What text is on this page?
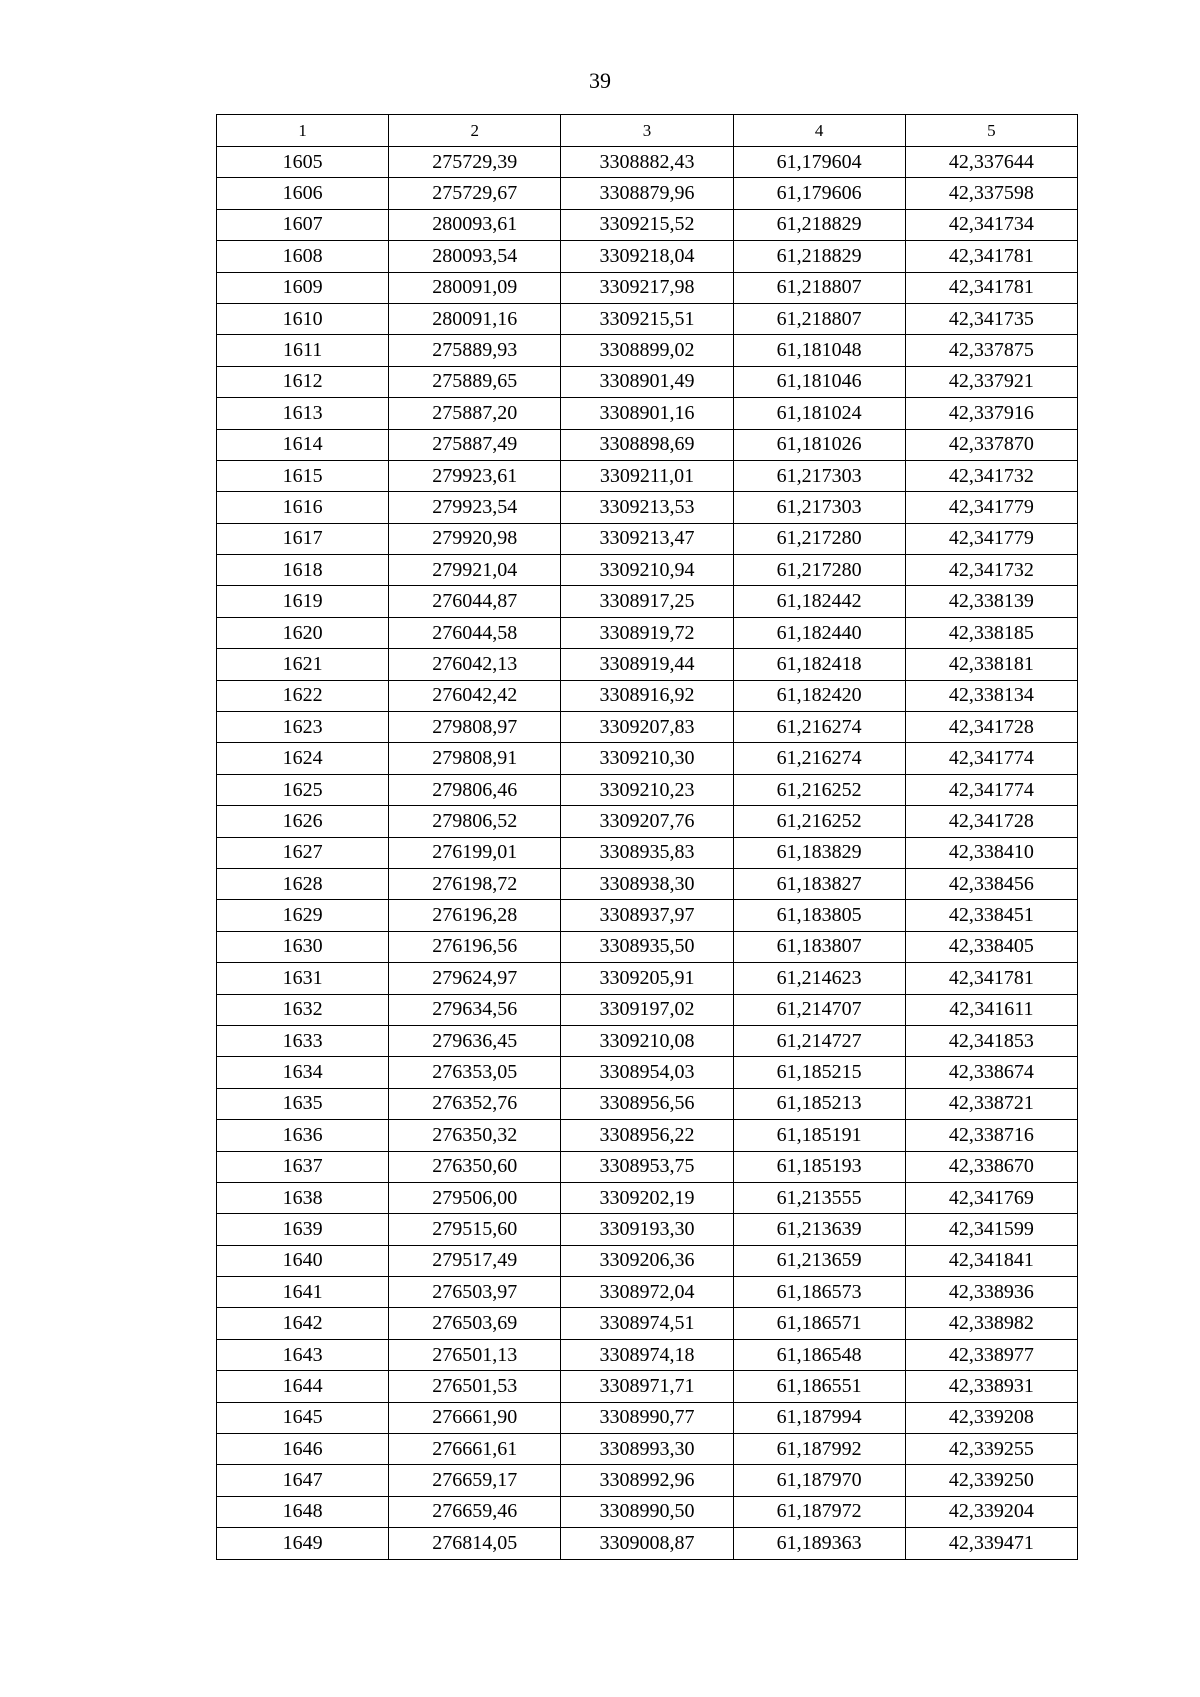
39
1	2	3	4	5
1605	275729,39	3308882,43	61,179604	42,337644
1606	275729,67	3308879,96	61,179606	42,337598
1607	280093,61	3309215,52	61,218829	42,341734
1608	280093,54	3309218,04	61,218829	42,341781
1609	280091,09	3309217,98	61,218807	42,341781
1610	280091,16	3309215,51	61,218807	42,341735
1611	275889,93	3308899,02	61,181048	42,337875
1612	275889,65	3308901,49	61,181046	42,337921
1613	275887,20	3308901,16	61,181024	42,337916
1614	275887,49	3308898,69	61,181026	42,337870
1615	279923,61	3309211,01	61,217303	42,341732
1616	279923,54	3309213,53	61,217303	42,341779
1617	279920,98	3309213,47	61,217280	42,341779
1618	279921,04	3309210,94	61,217280	42,341732
1619	276044,87	3308917,25	61,182442	42,338139
1620	276044,58	3308919,72	61,182440	42,338185
1621	276042,13	3308919,44	61,182418	42,338181
1622	276042,42	3308916,92	61,182420	42,338134
1623	279808,97	3309207,83	61,216274	42,341728
1624	279808,91	3309210,30	61,216274	42,341774
1625	279806,46	3309210,23	61,216252	42,341774
1626	279806,52	3309207,76	61,216252	42,341728
1627	276199,01	3308935,83	61,183829	42,338410
1628	276198,72	3308938,30	61,183827	42,338456
1629	276196,28	3308937,97	61,183805	42,338451
1630	276196,56	3308935,50	61,183807	42,338405
1631	279624,97	3309205,91	61,214623	42,341781
1632	279634,56	3309197,02	61,214707	42,341611
1633	279636,45	3309210,08	61,214727	42,341853
1634	276353,05	3308954,03	61,185215	42,338674
1635	276352,76	3308956,56	61,185213	42,338721
1636	276350,32	3308956,22	61,185191	42,338716
1637	276350,60	3308953,75	61,185193	42,338670
1638	279506,00	3309202,19	61,213555	42,341769
1639	279515,60	3309193,30	61,213639	42,341599
1640	279517,49	3309206,36	61,213659	42,341841
1641	276503,97	3308972,04	61,186573	42,338936
1642	276503,69	3308974,51	61,186571	42,338982
1643	276501,13	3308974,18	61,186548	42,338977
1644	276501,53	3308971,71	61,186551	42,338931
1645	276661,90	3308990,77	61,187994	42,339208
1646	276661,61	3308993,30	61,187992	42,339255
1647	276659,17	3308992,96	61,187970	42,339250
1648	276659,46	3308990,50	61,187972	42,339204
1649	276814,05	3309008,87	61,189363	42,339471
